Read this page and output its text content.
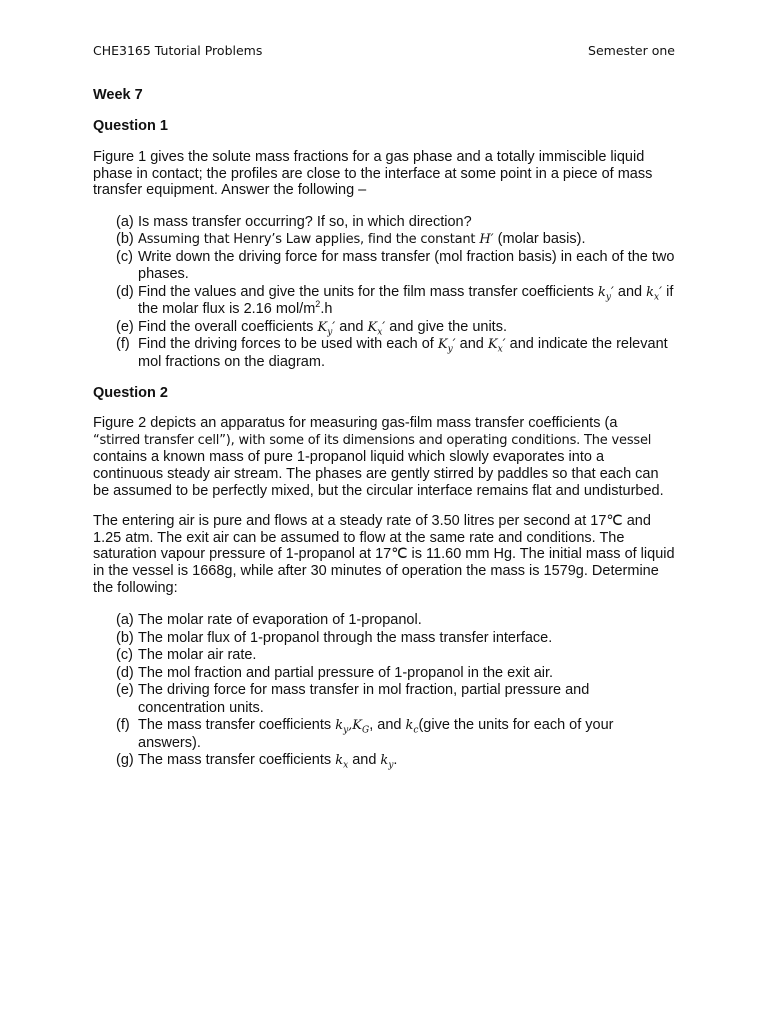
CHE3165 Tutorial Problems	Semester one
Week 7
Question 1

Figure 1 gives the solute mass fractions for a gas phase and a totally immiscible liquid phase in contact; the profiles are close to the interface at some point in a piece of mass transfer equipment. Answer the following –

(a) Is mass transfer occurring? If so, in which direction?
(b) Assuming that Henry’s Law applies, find the constant H′ (molar basis).
(c) Write down the driving force for mass transfer (mol fraction basis) in each of the two phases.
(d) Find the values and give the units for the film mass transfer coefficients $k_y'$ and $k_x'$ if the molar flux is 2.16 mol/$m^2.h$
(e) Find the overall coefficients $K_y'$ and $K_x'$ and give the units.
(f) Find the driving forces to be used with each of $K_y'$ and $K_x'$ and indicate the relevant mol fractions on the diagram.
Question 2

Figure 2 depicts an apparatus for measuring gas-film mass transfer coefficients (a
“stirred transfer cell”), with some of its dimensions and operating conditions. The vessel
contains a known mass of pure 1-propanol liquid which slowly evaporates into a continuous steady air stream. The phases are gently stirred by paddles so that each can be assumed to be perfectly mixed, but the circular interface remains flat and undisturbed.

The entering air is pure and flows at a steady rate of 3.50 litres per second at 17℃ and 1.25 atm. The exit air can be assumed to flow at the same rate and conditions. The saturation vapour pressure of 1-propanol at 17℃ is 11.60 mm Hg. The initial mass of liquid in the vessel is 1668g, while after 30 minutes of operation the mass is 1579g. Determine the following:

(a) The molar rate of evaporation of 1-propanol.
(b) The molar flux of 1-propanol through the mass transfer interface.
(c) The molar air rate.
(d) The mol fraction and partial pressure of 1-propanol in the exit air.
(e) The driving force for mass transfer in mol fraction, partial pressure and concentration units.
(f) The mass transfer coefficients $k_y,K_G$, and $k_c(give$ the units for each of your answers).
(g) The mass transfer coefficients $k_x$ and $k_y$.
